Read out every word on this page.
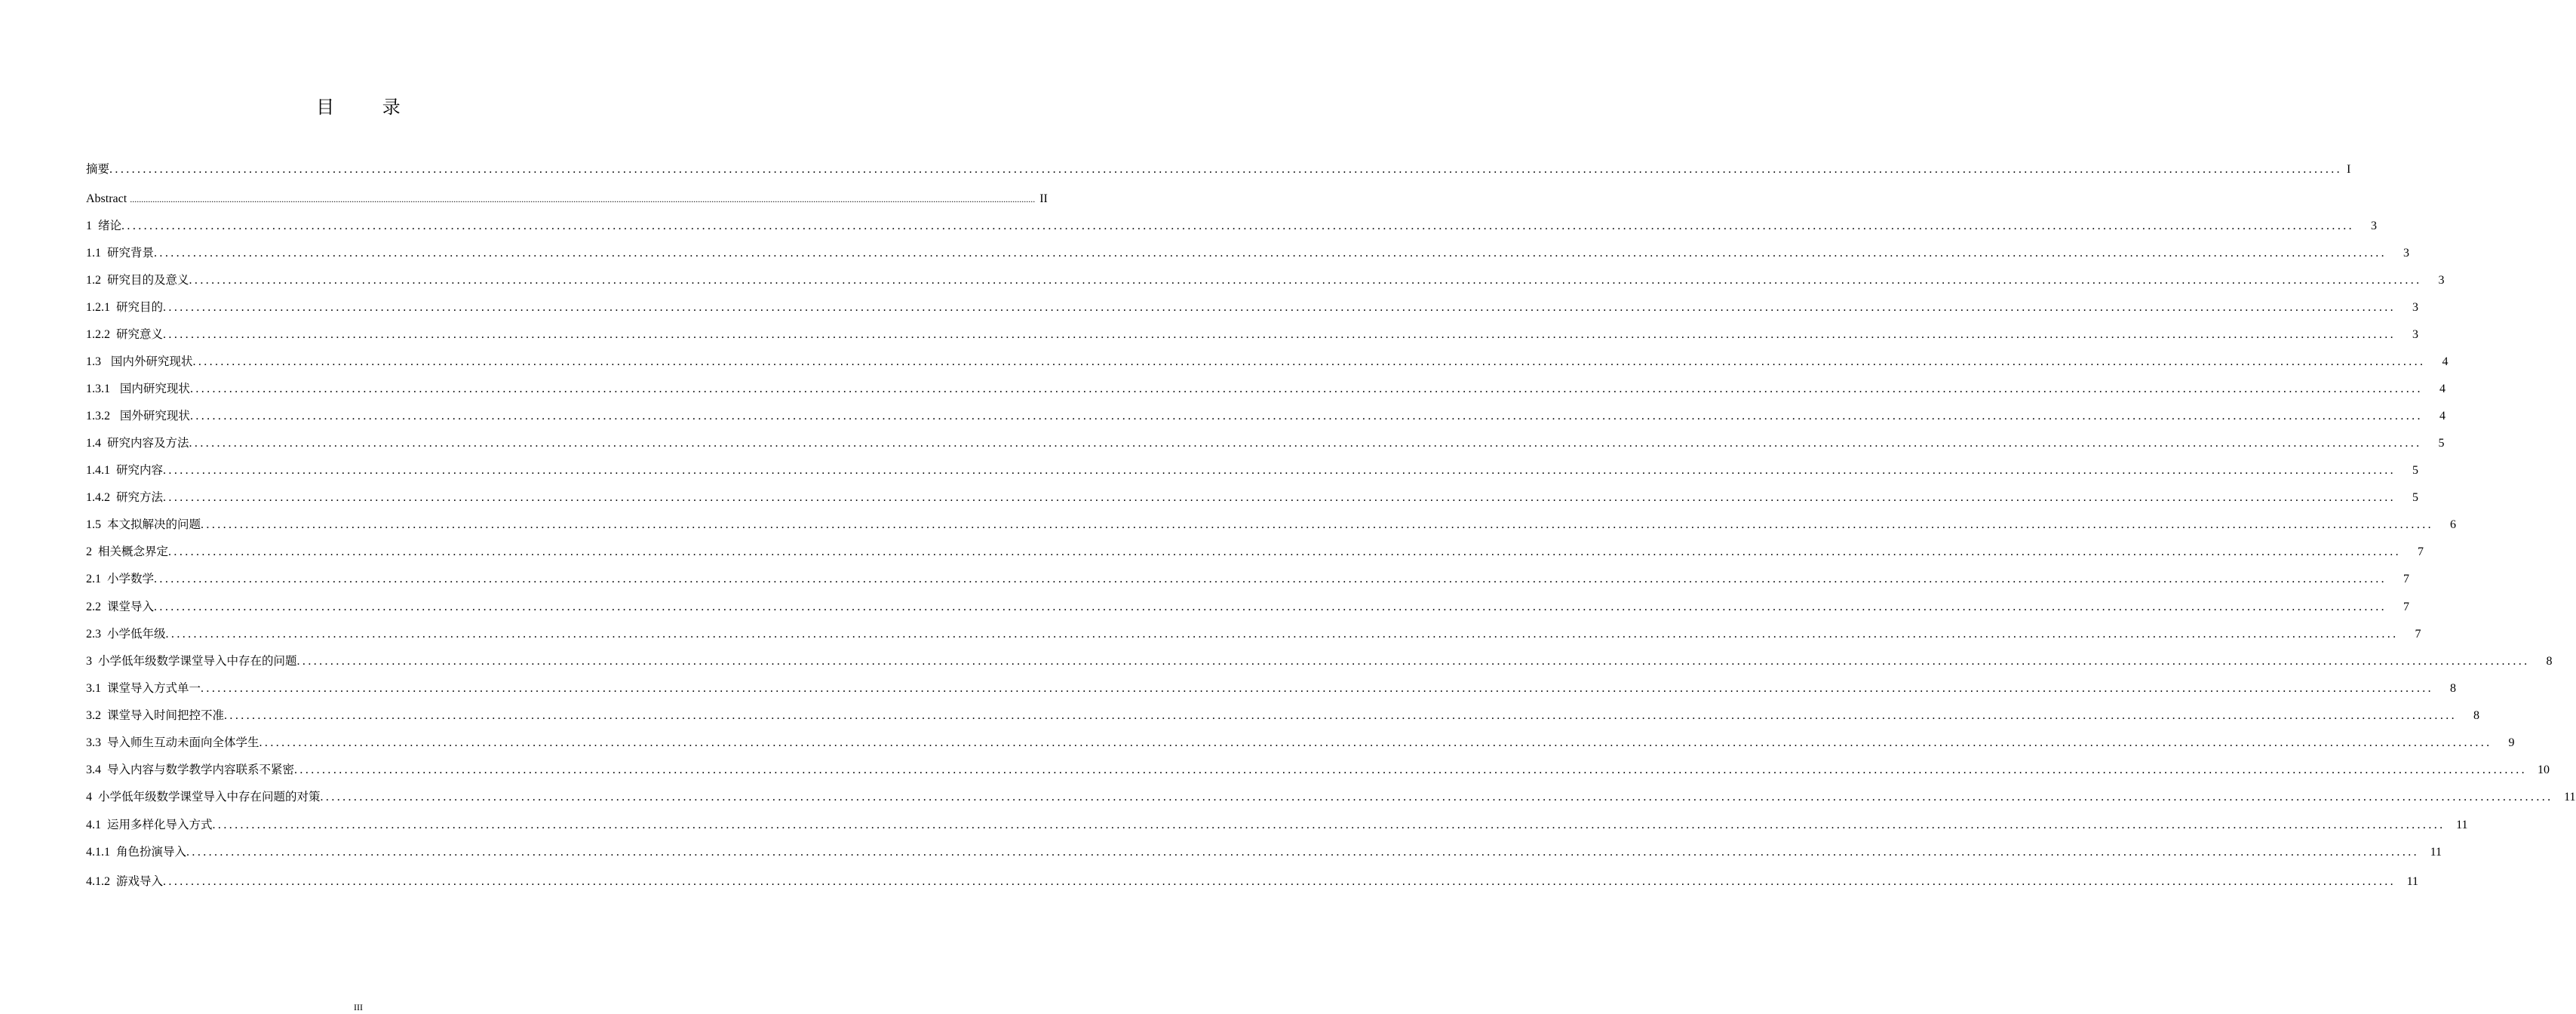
目 录
摘要 ................................................................................................................................................................................................................................................................................................................................................................................................................ I
Abstract ................................................................................................................................................................................................................................................................................................................................................................................................................ II
1  绪论 ................................................................................................................................................................................................................................................................................................................................................................................................................	3
1.1  研究背景 ................................................................................................................................................................................................................................................................................................................................................................................................................	3
1.2  研究目的及意义 ................................................................................................................................................................................................................................................................................................................................................................................................................	3
1.2.1  研究目的 ................................................................................................................................................................................................................................................................................................................................................................................................................	3
1.2.2  研究意义 ................................................................................................................................................................................................................................................................................................................................................................................................................	3
1.3   国内外研究现状 ................................................................................................................................................................................................................................................................................................................................................................................................................	4
1.3.1   国内研究现状 ................................................................................................................................................................................................................................................................................................................................................................................................................	4
1.3.2   国外研究现状 ................................................................................................................................................................................................................................................................................................................................................................................................................	4
1.4  研究内容及方法 ................................................................................................................................................................................................................................................................................................................................................................................................................	5
1.4.1  研究内容 ................................................................................................................................................................................................................................................................................................................................................................................................................	5
1.4.2  研究方法 ................................................................................................................................................................................................................................................................................................................................................................................................................	5
1.5  本文拟解决的问题 ................................................................................................................................................................................................................................................................................................................................................................................................................	6
2  相关概念界定 ................................................................................................................................................................................................................................................................................................................................................................................................................	7
2.1  小学数学 ................................................................................................................................................................................................................................................................................................................................................................................................................	7
2.2  课堂导入 ................................................................................................................................................................................................................................................................................................................................................................................................................	7
2.3  小学低年级 ................................................................................................................................................................................................................................................................................................................................................................................................................	7
3  小学低年级数学课堂导入中存在的问题 ................................................................................................................................................................................................................................................................................................................................................................................................................	8
3.1  课堂导入方式单一 ................................................................................................................................................................................................................................................................................................................................................................................................................	8
3.2  课堂导入时间把控不准 ................................................................................................................................................................................................................................................................................................................................................................................................................	8
3.3  导入师生互动未面向全体学生 ................................................................................................................................................................................................................................................................................................................................................................................................................	9
3.4  导入内容与数学教学内容联系不紧密 ................................................................................................................................................................................................................................................................................................................................................................................................................ 10
4  小学低年级数学课堂导入中存在问题的对策 ................................................................................................................................................................................................................................................................................................................................................................................................................ 11
4.1  运用多样化导入方式 ................................................................................................................................................................................................................................................................................................................................................................................................................ 11
4.1.1  角色扮演导入 ................................................................................................................................................................................................................................................................................................................................................................................................................ 11
4.1.2  游戏导入 ................................................................................................................................................................................................................................................................................................................................................................................................................ 11
III
